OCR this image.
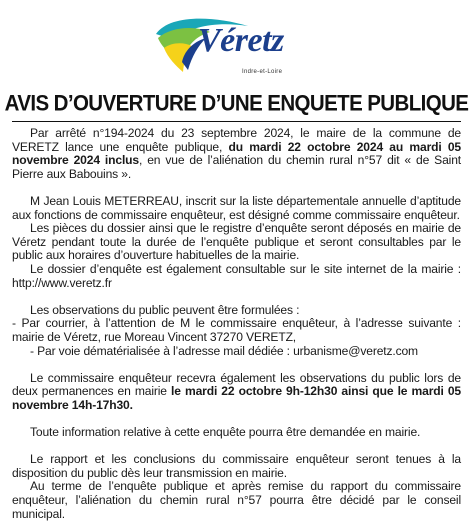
Véretz
Indre-et-Loire
AVIS D’OUVERTURE D’UNE ENQUETE PUBLIQUE

Par arrêté n°194-2024 du 23 septembre 2024, le maire de la commune de VERETZ lance une enquête publique, du mardi 22 octobre 2024 au mardi 05 novembre 2024 inclus, en vue de l’aliénation du chemin rural n°57 dit « de Saint Pierre aux Babouins ».

M Jean Louis METERREAU, inscrit sur la liste départementale annuelle d’aptitude aux fonctions de commissaire enquêteur, est désigné comme commissaire enquêteur.

Les pièces du dossier ainsi que le registre d’enquête seront déposés en mairie de Véretz pendant toute la durée de l’enquête publique et seront consultables par le public aux horaires d’ouverture habituelles de la mairie.

Le dossier d’enquête est également consultable sur le site internet de la mairie : http://www.veretz.fr

Les observations du public peuvent être formulées :

- Par courrier, à l’attention de M le commissaire enquêteur, à l’adresse suivante : mairie de Véretz, rue Moreau Vincent 37270 VERETZ,

- Par voie dématérialisée à l’adresse mail dédiée : urbanisme@veretz.com

Le commissaire enquêteur recevra également les observations du public lors de deux permanences en mairie le mardi 22 octobre 9h-12h30 ainsi que le mardi 05 novembre 14h-17h30.

Toute information relative à cette enquête pourra être demandée en mairie.

Le rapport et les conclusions du commissaire enquêteur seront tenues à la disposition du public dès leur transmission en mairie.

Au terme de l’enquête publique et après remise du rapport du commissaire enquêteur, l’aliénation du chemin rural n°57 pourra être décidé par le conseil municipal.
